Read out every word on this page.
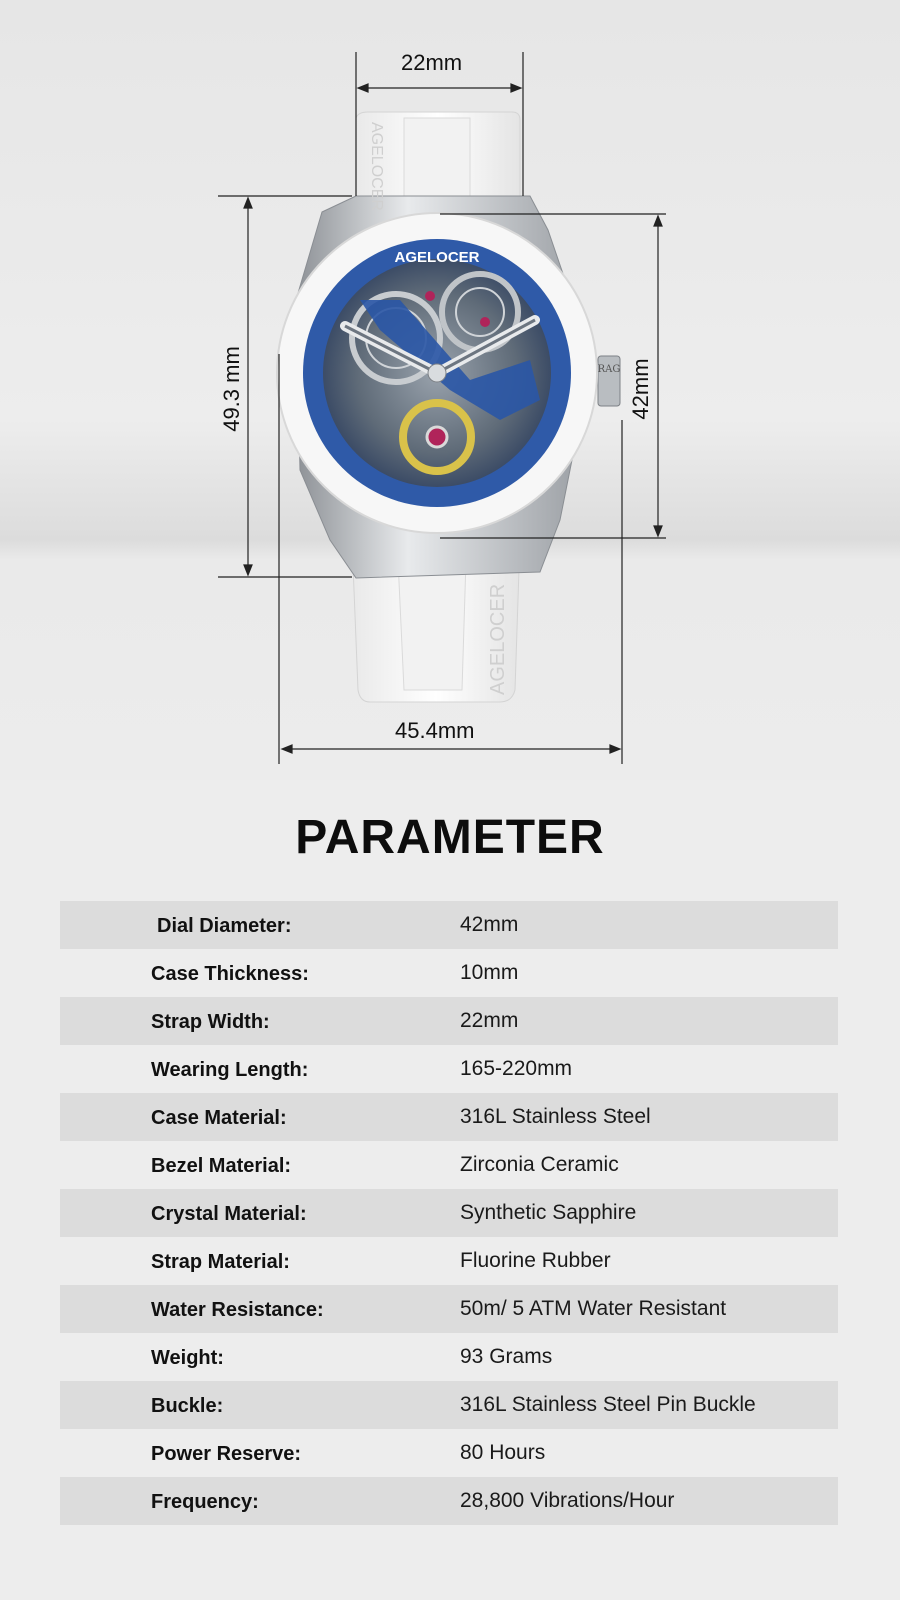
RAG
AGELOCER
AGELOCER
AGELOCER
22mm
49.3 mm	42mm
45.4mm
PARAMETER
Dial Diameter:	42mm
Case Thickness:	10mm
Strap Width:	22mm
Wearing Length:	165-220mm
Case Material:	316L Stainless Steel
Bezel Material:	Zirconia Ceramic
Crystal Material:	Synthetic Sapphire
Strap Material:	Fluorine Rubber
Water Resistance:	50m/ 5 ATM Water Resistant
Weight:	93 Grams
Buckle:	316L Stainless Steel Pin Buckle
Power Reserve:	80 Hours
Frequency:	28,800 Vibrations/Hour
